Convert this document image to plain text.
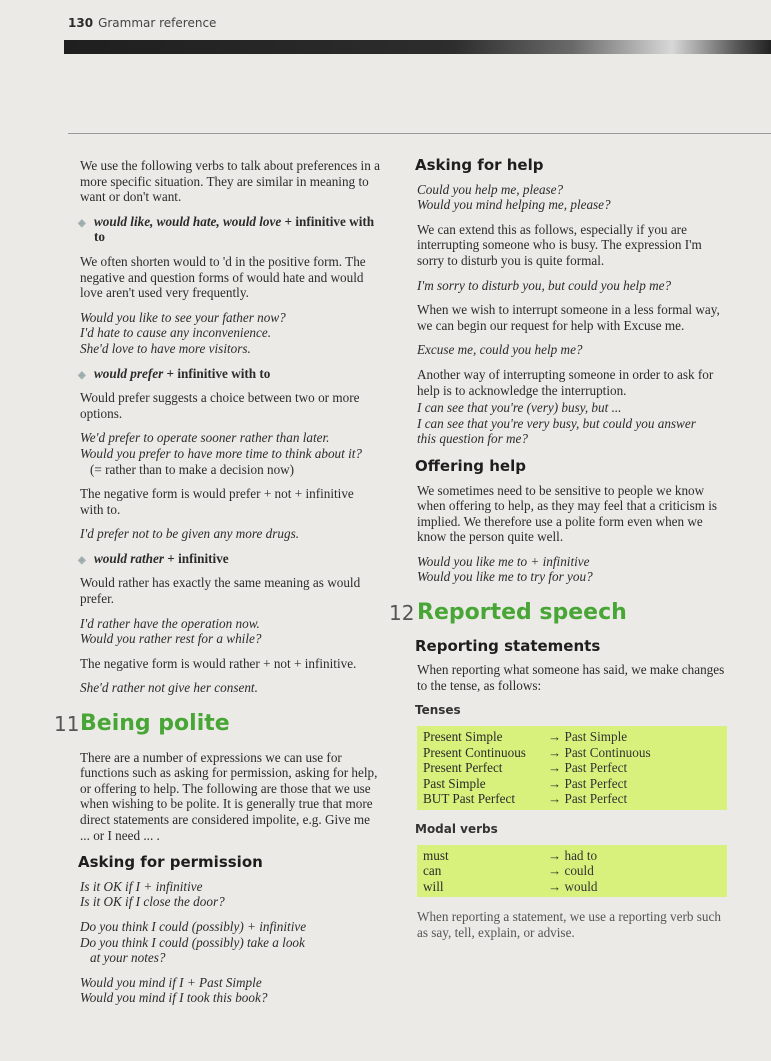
130 Grammar reference

We use the following verbs to talk about preferences in a more specific situation. They are similar in meaning to want or don't want.

◈ would like, would hate, would love + infinitive with to

We often shorten would to 'd in the positive form. The negative and question forms of would hate and would love aren't used very frequently.

Would you like to see your father now?
I'd hate to cause any inconvenience.
She'd love to have more visitors.
◈ would prefer + infinitive with to

Would prefer suggests a choice between two or more options.

We'd prefer to operate sooner rather than later.
Would you prefer to have more time to think about it?
(= rather than to make a decision now)

The negative form is would prefer + not + infinitive with to.

I'd prefer not to be given any more drugs.
◈ would rather + infinitive

Would rather has exactly the same meaning as would prefer.

I'd rather have the operation now.
Would you rather rest for a while?

The negative form is would rather + not + infinitive.

She'd rather not give her consent.
11 Being polite

There are a number of expressions we can use for functions such as asking for permission, asking for help, or offering to help. The following are those that we use when wishing to be polite. It is generally true that more direct statements are considered impolite, e.g. Give me ... or I need ... .

Asking for permission
Is it OK if I + infinitive
Is it OK if I close the door?
Do you think I could (possibly) + infinitive
Do you think I could (possibly) take a look
at your notes?
Would you mind if I + Past Simple
Would you mind if I took this book?
Asking for help
Could you help me, please?
Would you mind helping me, please?

We can extend this as follows, especially if you are interrupting someone who is busy. The expression I'm sorry to disturb you is quite formal.

I'm sorry to disturb you, but could you help me?

When we wish to interrupt someone in a less formal way, we can begin our request for help with Excuse me.

Excuse me, could you help me?

Another way of interrupting someone in order to ask for help is to acknowledge the interruption.

I can see that you're (very) busy, but ...
I can see that you're very busy, but could you answer
this question for me?
Offering help

We sometimes need to be sensitive to people we know when offering to help, as they may feel that a criticism is implied. We therefore use a polite form even when we know the person quite well.

Would you like me to + infinitive
Would you like me to try for you?
12 Reported speech
Reporting statements

When reporting what someone has said, we make changes to the tense, as follows:

Tenses
Present Simple	→ Past Simple
Present Continuous	→ Past Continuous
Present Perfect	→ Past Perfect
Past Simple	→ Past Perfect
BUT Past Perfect	→ Past Perfect
Modal verbs
must	→ had to
can	→ could
will	→ would

When reporting a statement, we use a reporting verb such as say, tell, explain, or advise.
